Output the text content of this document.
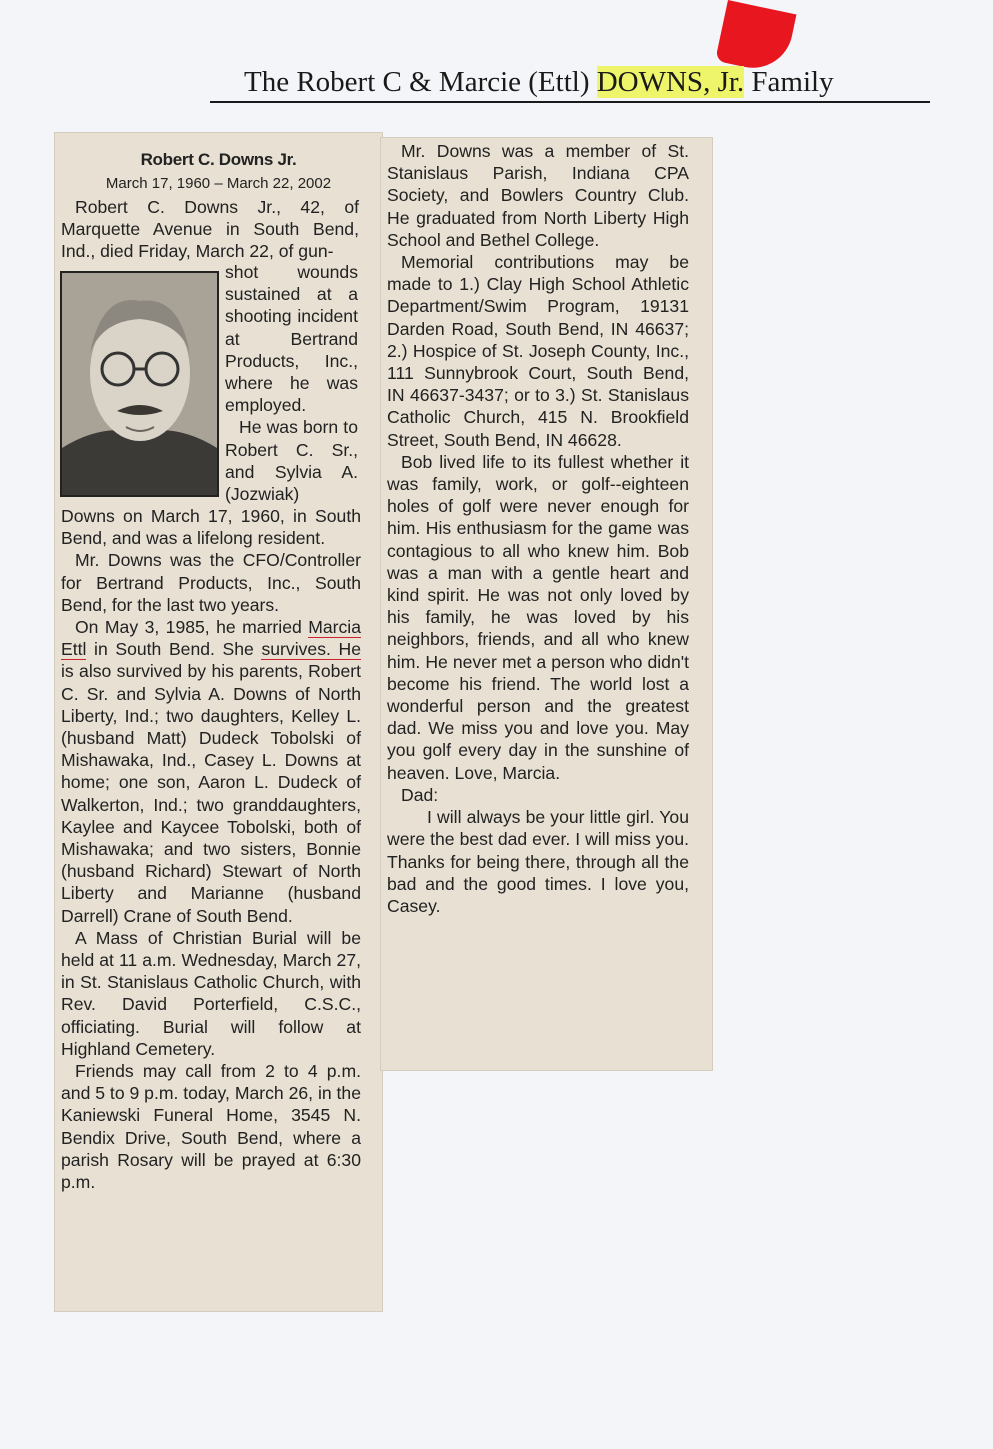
The Robert C & Marcie (Ettl) DOWNS, Jr. Family
Robert C. Downs Jr.
March 17, 1960 – March 22, 2002

Robert C. Downs Jr., 42, of Marquette Avenue in South Bend, Ind., died Friday, March 22, of gun-

shot wounds sustained at a shooting incident at Bertrand Products, Inc., where he was employed.

He was born to Robert C. Sr., and Sylvia A. (Jozwiak)

Downs on March 17, 1960, in South Bend, and was a lifelong resident.

Mr. Downs was the CFO/Controller for Bertrand Products, Inc., South Bend, for the last two years.

On May 3, 1985, he married Marcia Ettl in South Bend. She survives. He is also survived by his parents, Robert C. Sr. and Sylvia A. Downs of North Liberty, Ind.; two daughters, Kelley L. (husband Matt) Dudeck Tobolski of Mishawaka, Ind., Casey L. Downs at home; one son, Aaron L. Dudeck of Walkerton, Ind.; two granddaughters, Kaylee and Kaycee Tobolski, both of Mishawaka; and two sisters, Bonnie (husband Richard) Stewart of North Liberty and Marianne (husband Darrell) Crane of South Bend.

A Mass of Christian Burial will be held at 11 a.m. Wednesday, March 27, in St. Stanislaus Catholic Church, with Rev. David Porterfield, C.S.C., officiating. Burial will follow at Highland Cemetery.

Friends may call from 2 to 4 p.m. and 5 to 9 p.m. today, March 26, in the Kaniewski Funeral Home, 3545 N. Bendix Drive, South Bend, where a parish Rosary will be prayed at 6:30 p.m.

Mr. Downs was a member of St. Stanislaus Parish, Indiana CPA Society, and Bowlers Country Club. He graduated from North Liberty High School and Bethel College.

Memorial contributions may be made to 1.) Clay High School Athletic Department/Swim Program, 19131 Darden Road, South Bend, IN 46637; 2.) Hospice of St. Joseph County, Inc., 111 Sunnybrook Court, South Bend, IN 46637-3437; or to 3.) St. Stanislaus Catholic Church, 415 N. Brookfield Street, South Bend, IN 46628.

Bob lived life to its fullest whether it was family, work, or golf--eighteen holes of golf were never enough for him. His enthusiasm for the game was contagious to all who knew him. Bob was a man with a gentle heart and kind spirit. He was not only loved by his family, he was loved by his neighbors, friends, and all who knew him. He never met a person who didn't become his friend. The world lost a wonderful person and the greatest dad. We miss you and love you. May you golf every day in the sunshine of heaven. Love, Marcia.

Dad:

I will always be your little girl. You were the best dad ever. I will miss you. Thanks for being there, through all the bad and the good times. I love you, Casey.
